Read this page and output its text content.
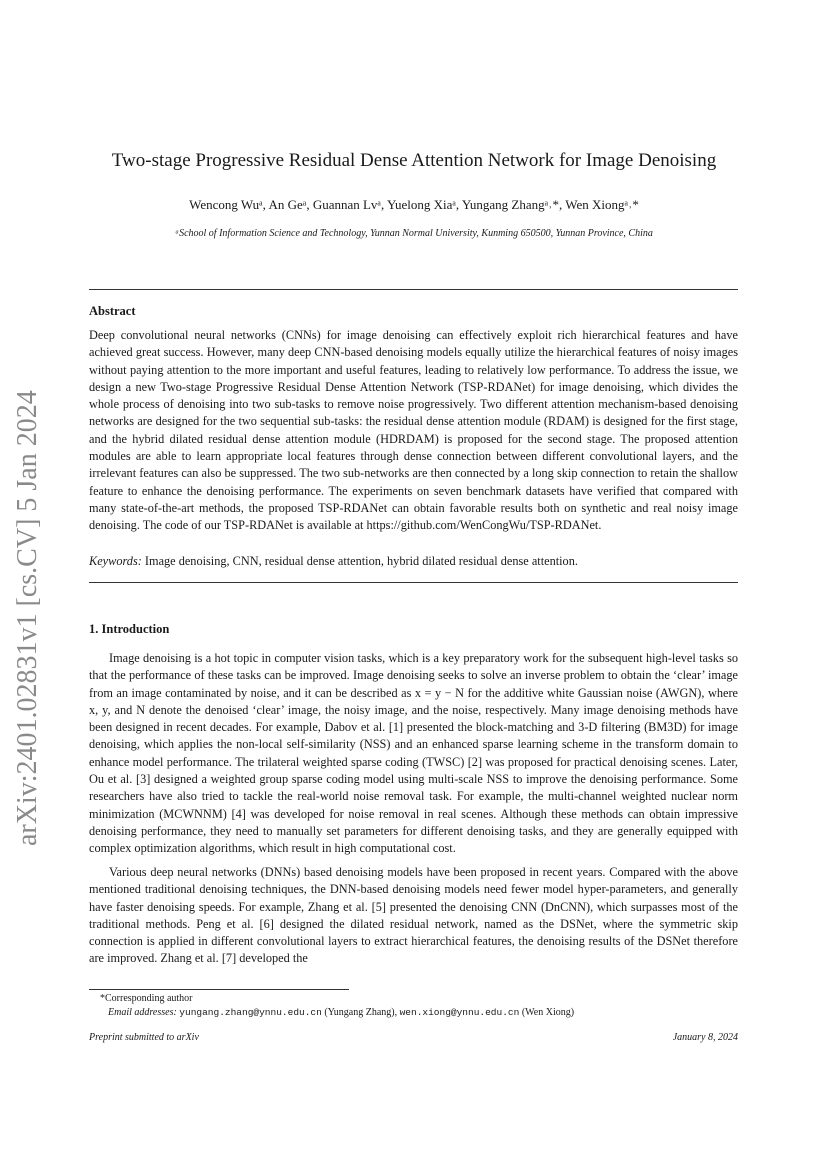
arXiv:2401.02831v1 [cs.CV] 5 Jan 2024
Two-stage Progressive Residual Dense Attention Network for Image Denoising
Wencong Wuᵃ, An Geᵃ, Guannan Lvᵃ, Yuelong Xiaᵃ, Yungang Zhangᵃ˒*, Wen Xiongᵃ˒*
ᵃSchool of Information Science and Technology, Yunnan Normal University, Kunming 650500, Yunnan Province, China
Abstract
Deep convolutional neural networks (CNNs) for image denoising can effectively exploit rich hierarchical features and have achieved great success. However, many deep CNN-based denoising models equally utilize the hierarchical features of noisy images without paying attention to the more important and useful features, leading to relatively low performance. To address the issue, we design a new Two-stage Progressive Residual Dense Attention Network (TSP-RDANet) for image denoising, which divides the whole process of denoising into two sub-tasks to remove noise progressively. Two different attention mechanism-based denoising networks are designed for the two sequential sub-tasks: the residual dense attention module (RDAM) is designed for the first stage, and the hybrid dilated residual dense attention module (HDRDAM) is proposed for the second stage. The proposed attention modules are able to learn appropriate local features through dense connection between different convolutional layers, and the irrelevant features can also be suppressed. The two sub-networks are then connected by a long skip connection to retain the shallow feature to enhance the denoising performance. The experiments on seven benchmark datasets have verified that compared with many state-of-the-art methods, the proposed TSP-RDANet can obtain favorable results both on synthetic and real noisy image denoising. The code of our TSP-RDANet is available at https://github.com/WenCongWu/TSP-RDANet.
Keywords: Image denoising, CNN, residual dense attention, hybrid dilated residual dense attention.
1. Introduction
Image denoising is a hot topic in computer vision tasks, which is a key preparatory work for the subsequent high-level tasks so that the performance of these tasks can be improved. Image denoising seeks to solve an inverse problem to obtain the ‘clear’ image from an image contaminated by noise, and it can be described as x = y − N for the additive white Gaussian noise (AWGN), where x, y, and N denote the denoised ‘clear’ image, the noisy image, and the noise, respectively. Many image denoising methods have been designed in recent decades. For example, Dabov et al. [1] presented the block-matching and 3-D filtering (BM3D) for image denoising, which applies the non-local self-similarity (NSS) and an enhanced sparse learning scheme in the transform domain to enhance model performance. The trilateral weighted sparse coding (TWSC) [2] was proposed for practical denoising scenes. Later, Ou et al. [3] designed a weighted group sparse coding model using multi-scale NSS to improve the denoising performance. Some researchers have also tried to tackle the real-world noise removal task. For example, the multi-channel weighted nuclear norm minimization (MCWNNM) [4] was developed for noise removal in real scenes. Although these methods can obtain impressive denoising performance, they need to manually set parameters for different denoising tasks, and they are generally equipped with complex optimization algorithms, which result in high computational cost.
Various deep neural networks (DNNs) based denoising models have been proposed in recent years. Compared with the above mentioned traditional denoising techniques, the DNN-based denoising models need fewer model hyper-parameters, and generally have faster denoising speeds. For example, Zhang et al. [5] presented the denoising CNN (DnCNN), which surpasses most of the traditional methods. Peng et al. [6] designed the dilated residual network, named as the DSNet, where the symmetric skip connection is applied in different convolutional layers to extract hierarchical features, the denoising results of the DSNet therefore are improved. Zhang et al. [7] developed the
*Corresponding author
Email addresses: yungang.zhang@ynnu.edu.cn (Yungang Zhang), wen.xiong@ynnu.edu.cn (Wen Xiong)
Preprint submitted to arXiv	January 8, 2024
